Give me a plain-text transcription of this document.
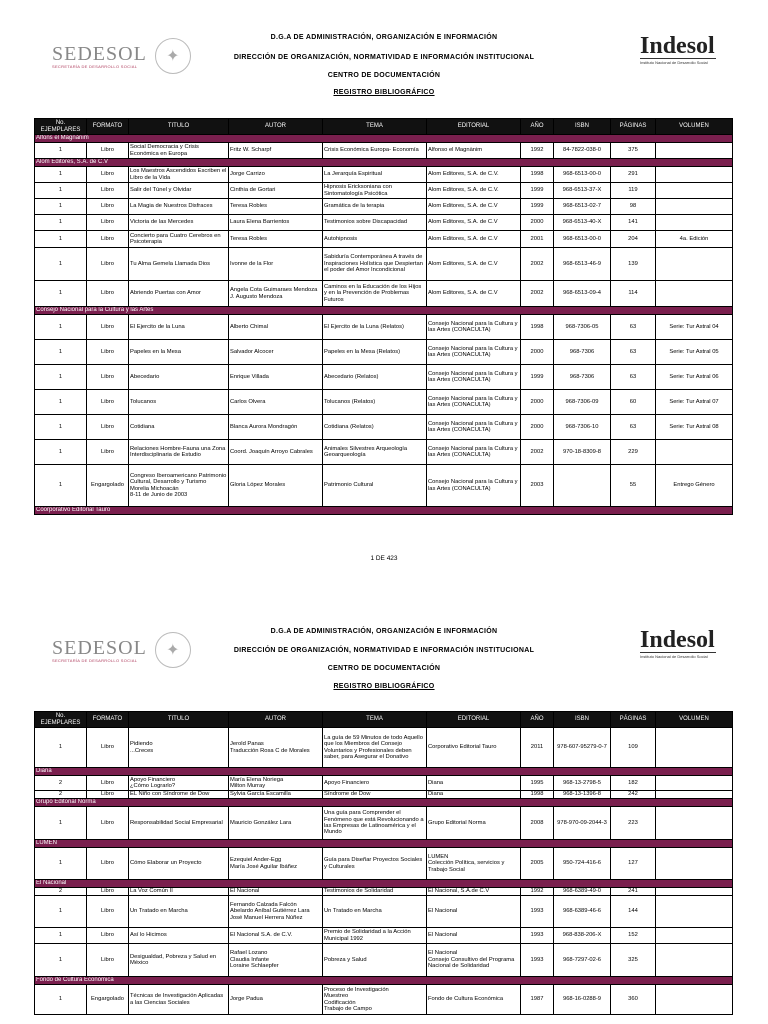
SEDESOL
SECRETARÍA DE DESARROLLO SOCIAL
✦	Indesol
Instituto Nacional de Desarrollo Social
D.G.A DE ADMINISTRACIÓN, ORGANIZACIÓN E INFORMACIÓN
DIRECCIÓN DE ORGANIZACIÓN, NORMATIVIDAD E INFORMACIÓN INSTITUCIONAL
CENTRO DE DOCUMENTACIÓN
REGISTRO BIBLIOGRÁFICO
No. EJEMPLARES	FORMATO	TITULO	AUTOR	TEMA	EDITORIAL	AÑO	ISBN	PÁGINAS	VOLUMEN
Alfons el Magnànim									
1	Libro	Social Democracia y Crisis Económica en Europa	Fritz W. Scharpf	Crisis Económica Europa- Economía	Alfonso el Magnànim	1992	84-7822-038-0	375	
Alom Editores, S.A. de C.V									
1	Libro	Los Maestros Ascendidos Escriben el Libro de la Vida	Jorge Carrizo	La Jerarquía Espiritual	Alom Editores, S.A. de C.V.	1998	968-6513-00-0	291	
1	Libro	Salir del Túnel y Olvidar	Cinthia de Gortari	Hipnosis Ericksoniana con Sintomatología Psicótica	Alom Editores, S.A. de C.V.	1999	968-6513-37-X	119	
1	Libro	La Magia de Nuestros Disfraces	Teresa Robles	Gramática de la terapia	Alom Editores, S.A. de C.V	1999	968-6513-02-7	98	
1	Libro	Victoria de las Mercedes	Laura Elena Barrientos	Testimonios sobre Discapacidad	Alom Editores, S.A. de C.V	2000	968-6513-40-X	141	
1	Libro	Concierto para Cuatro Cerebros en Psicoterapia	Teresa Robles	Autohipnosis	Alom Editores, S.A. de C.V	2001	968-6513-00-0	204	4a. Edición
1	Libro	Tu Alma Gemela Llamada Dios	Ivonne de la Flor	Sabiduría Contemporánea A través de Inspiraciones Holística que Despiertan el poder del Amor Incondicional	Alom Editores, S.A. de C.V	2002	968-6513-46-9	139	
1	Libro	Abriendo Puertas con Amor	Angela Cota Guimaraes Mendoza
J. Augusto Mendoza	Caminos en la Educación de los Hijos y en la Prevención de Problemas Futuros	Alom Editores, S.A. de C.V	2002	968-6513-09-4	114	
Consejo Nacional para la Cultura y las Artes									
1	Libro	El Ejercito de la Luna	Alberto Chimal	El Ejercito de la Luna (Relatos)	Consejo Nacional para la Cultura y las Artes (CONACULTA)	1998	968-7306-05	63	Serie: Tur Astral 04
1	Libro	Papeles en la Mesa	Salvador Alcocer	Papeles en la Mesa (Relatos)	Consejo Nacional para la Cultura y las Artes (CONACULTA)	2000	968-7306	63	Serie: Tur Astral 05
1	Libro	Abecedario	Enrique Villada	Abecedario (Relatos)	Consejo Nacional para la Cultura y las Artes (CONACULTA)	1999	968-7306	63	Serie: Tur Astral 06
1	Libro	Tolucanos	Carlos Olvera	Tolucanos (Relatos)	Consejo Nacional para la Cultura y las Artes (CONACULTA)	2000	968-7306-09	60	Serie: Tur Astral 07
1	Libro	Cotidiana	Blanca Aurora Mondragón	Cotidiana (Relatos)	Consejo Nacional para la Cultura y las Artes (CONACULTA)	2000	968-7306-10	63	Serie: Tur Astral 08
1	Libro	Relaciones Hombre-Fauna una Zona Interdisciplinaria de Estudio	Coord. Joaquín Arroyo Cabrales	Animales Silvestres Arqueología Geoarqueología	Consejo Nacional para la Cultura y las Artes (CONACULTA)	2002	970-18-8309-8	229	
1	Engargolado	Congreso Iberoamericano Patrimonio Cultural, Desarrollo y Turismo
Morelia Michoacán
8-11 de Junio de 2003	Gloria López Morales	Patrimonio Cultural	Consejo Nacional para la Cultura y las Artes (CONACULTA)	2003		55	Entrego Género
Coorporativo Editorial Tauro									
1 DE 423
SEDESOL
SECRETARÍA DE DESARROLLO SOCIAL
✦	Indesol
Instituto Nacional de Desarrollo Social
D.G.A DE ADMINISTRACIÓN, ORGANIZACIÓN E INFORMACIÓN
DIRECCIÓN DE ORGANIZACIÓN, NORMATIVIDAD E INFORMACIÓN INSTITUCIONAL
CENTRO DE DOCUMENTACIÓN
REGISTRO BIBLIOGRÁFICO
No. EJEMPLARES	FORMATO	TITULO	AUTOR	TEMA	EDITORIAL	AÑO	ISBN	PÁGINAS	VOLUMEN
1	Libro	Pidiendo
...Creces	Jerold Panas
Traducción Rosa C de Morales	La guía de 59 Minutos de todo Aquello que los Miembros del Consejo Voluntarios y Profesionales deben saber, para Asegurar el Donativo	Corporativo Editorial Tauro	2011	978-607-95279-0-7	109	
Diana									
2	Libro	Apoyo Financiero
¿Cómo Lograrlo?	María Elena Noriega
Milton Murray	Apoyo Financiero	Diana	1995	968-13-2798-5	182	
2	Libro	EL Niño con Síndrome de Dow	Sylvia García Escamilla	Síndrome de Dow	Diana	1998	968-13-1396-8	242	
Grupo Editorial Norma									
1	Libro	Responsabilidad Social Empresarial	Mauricio González Lara	Una guía para Comprender el Fenómeno que está Revolucionando a las Empresas de Latinoamérica y el Mundo	Grupo Editorial Norma	2008	978-970-09-2044-3	223	
LUMEN									
1	Libro	Cómo Elaborar un Proyecto	Ezequiel Ander-Egg
María José Aguilar Ibáñez	Guía para Diseñar Proyectos Sociales y Culturales	LUMEN
Colección Política, servicios y Trabajo Social	2005	950-724-416-6	127	
El Nacional									
2	Libro	La Voz Común II	El Nacional	Testimonios de Solidaridad	El Nacional, S.A.de C.V	1992	968-6389-49-0	241	
1	Libro	Un Tratado en Marcha	Fernando Calzada Falcón
Abelardo Aníbal Gutiérrez Lara
José Manuel Herrera Núñez	Un Tratado en Marcha	El Nacional	1993	968-6389-46-6	144	
1	Libro	Así lo Hicimos	El Nacional S.A. de C.V.	Premio de Solidaridad a la Acción Municipal 1992	El Nacional	1993	968-838-206-X	152	
1	Libro	Desigualdad, Pobreza y Salud en México	Rafael Lozano
Claudia Infante
Loraine Schlaepfer	Pobreza y Salud	El Nacional
Consejo Consultivo del Programa Nacional de Solidaridad	1993	968-7297-02-6	325	
Fondo de Cultura Económica									
1	Engargolado	Técnicas de Investigación Aplicadas a las Ciencias Sociales	Jorge Padua	Proceso de Investigación
Muestreo
Codificación
Trabajo de Campo	Fondo de Cultura Económica	1987	968-16-0288-9	360	
